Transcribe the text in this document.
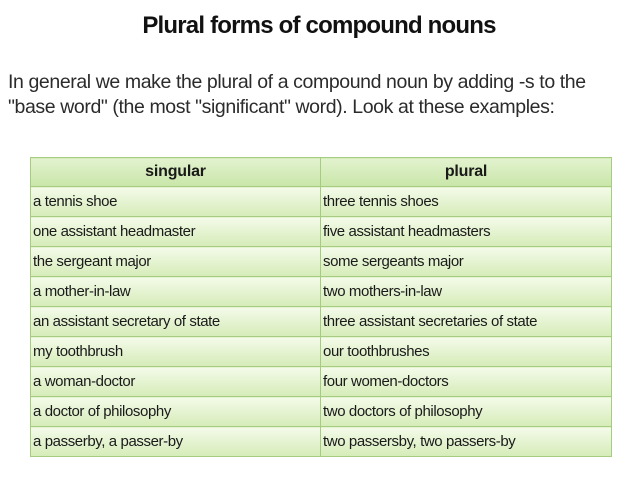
Plural forms of compound nouns
In general we make the plural of a compound noun by adding -s to the "base word" (the most "significant" word). Look at these examples:
singular	plural
a tennis shoe	three tennis shoes
one assistant headmaster	five assistant headmasters
the sergeant major	some sergeants major
a mother-in-law	two mothers-in-law
an assistant secretary of state	three assistant secretaries of state
my toothbrush	our toothbrushes
a woman-doctor	four women-doctors
a doctor of philosophy	two doctors of philosophy
a passerby, a passer-by	two passersby, two passers-by
